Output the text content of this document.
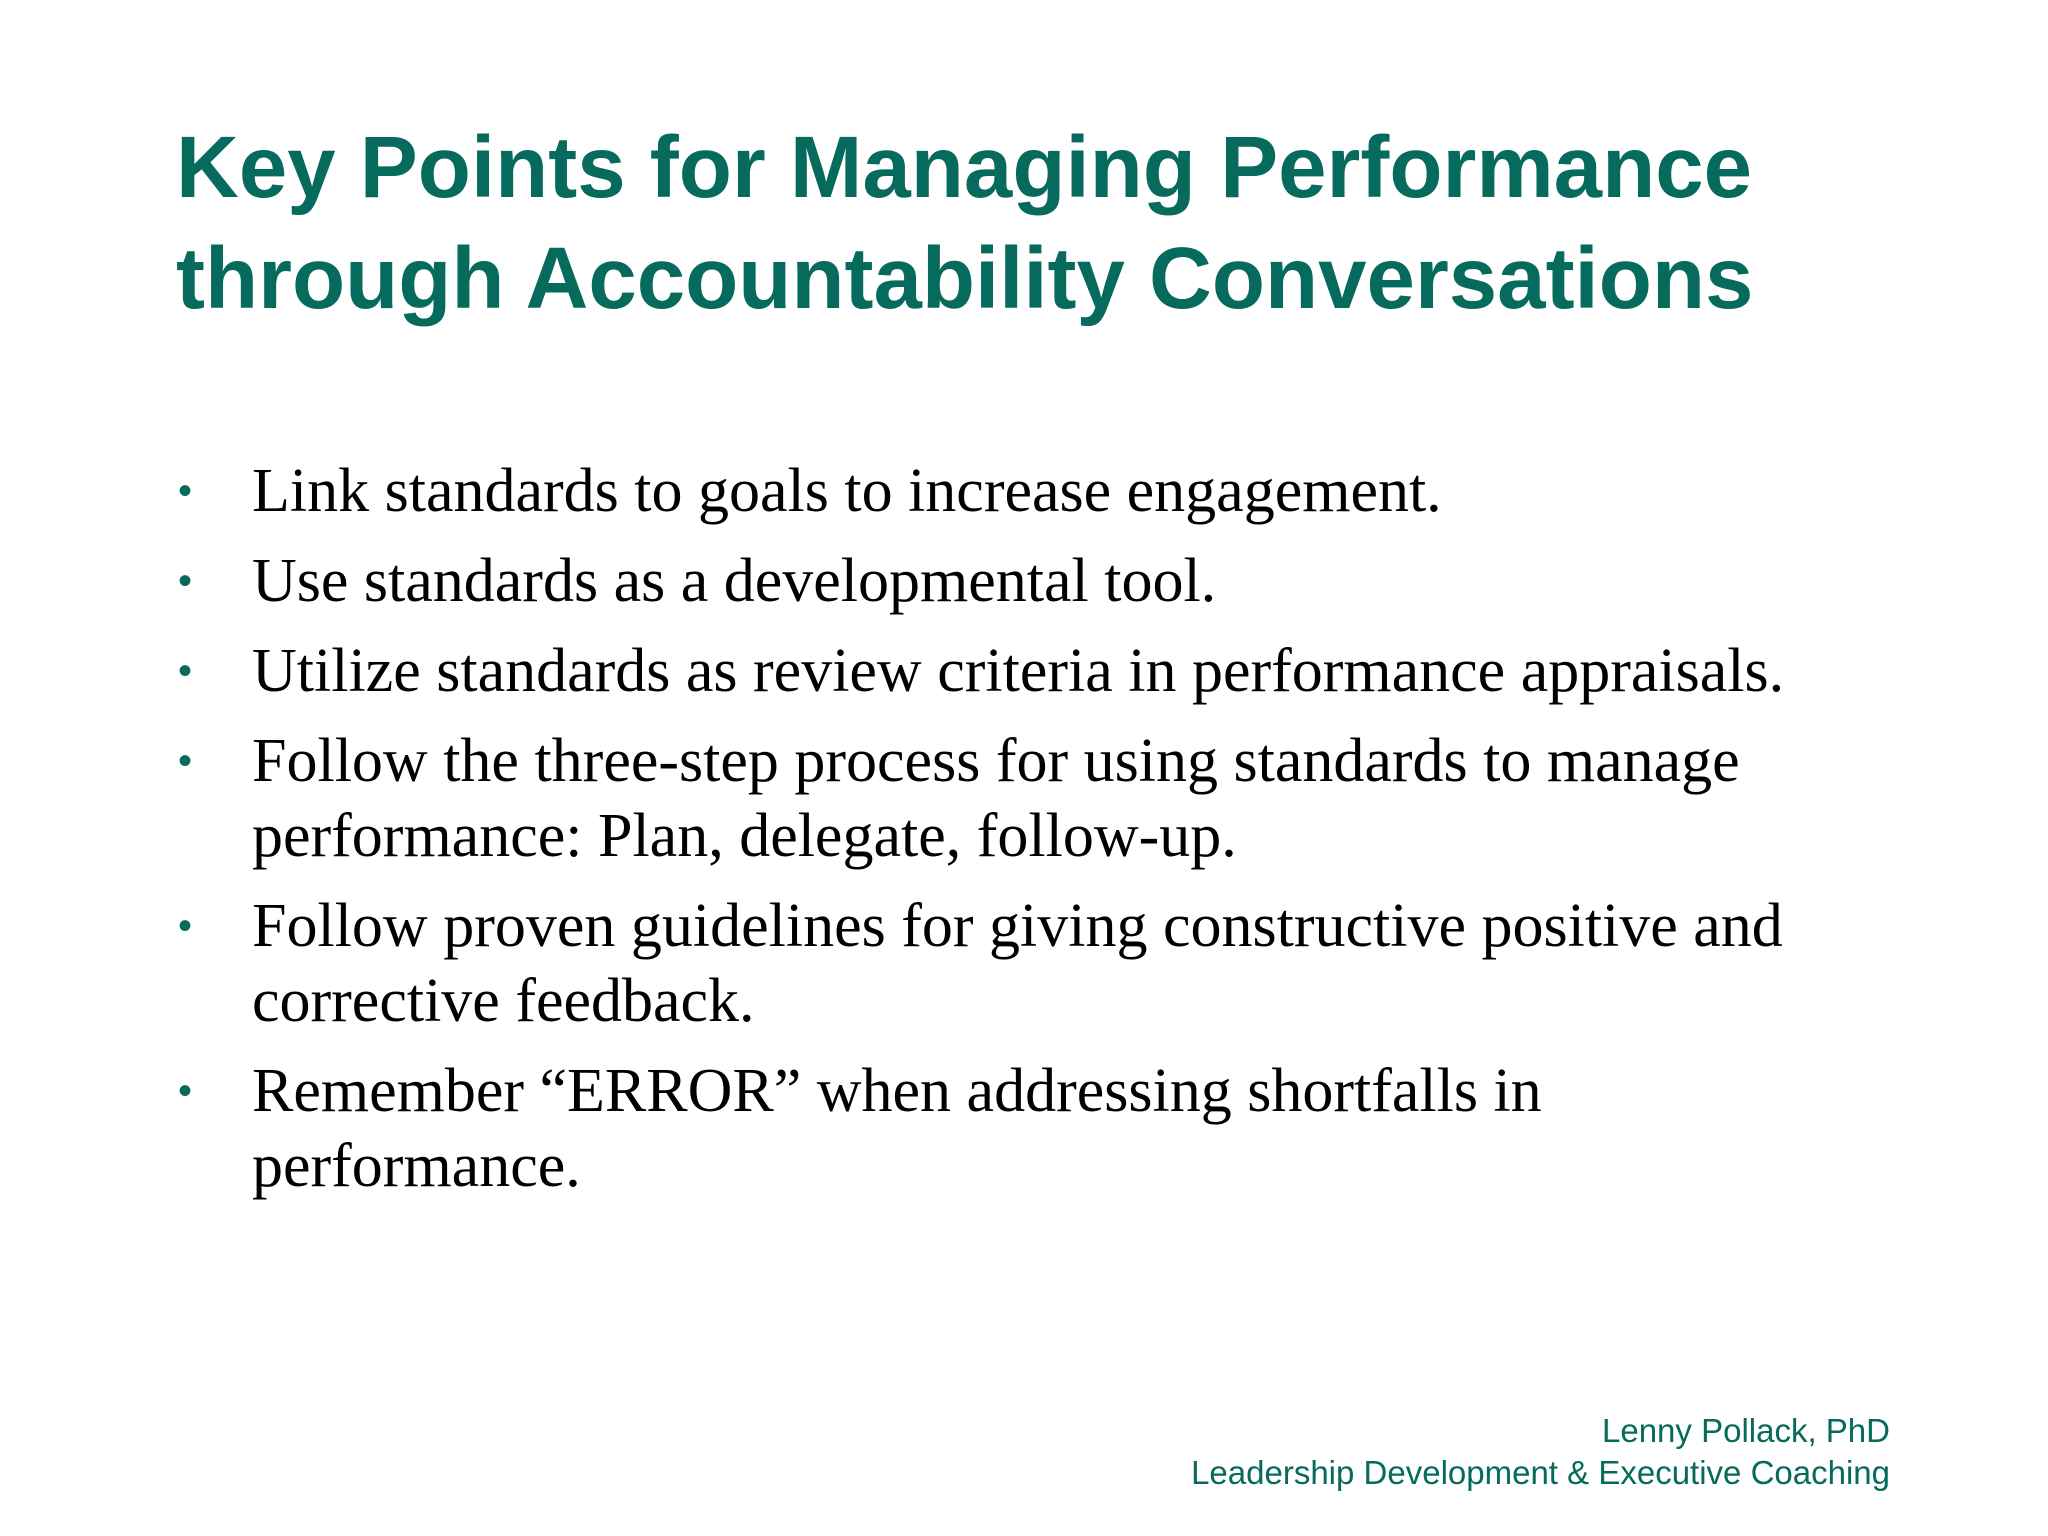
Key Points for Managing Performance
through Accountability Conversations
• Link standards to goals to increase engagement.
• Use standards as a developmental tool.
• Utilize standards as review criteria in performance appraisals.
• Follow the three-step process for using standards to manage performance: Plan, delegate, follow-up.
• Follow proven guidelines for giving constructive positive and corrective feedback.
• Remember “ERROR” when addressing shortfalls in performance.
Lenny Pollack, PhD
Leadership Development & Executive Coaching
